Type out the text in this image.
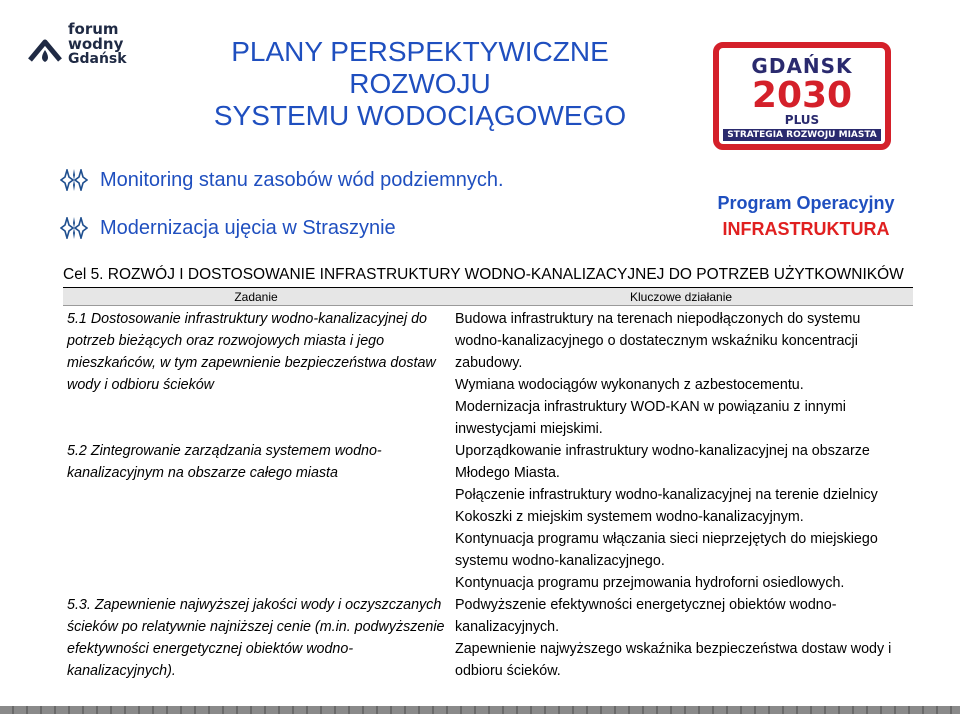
forum
wodny
Gdańsk	PLANY PERSPEKTYWICZNE
ROZWOJU
SYSTEMU WODOCIĄGOWEGO
GDAŃSK
2030
PLUS
STRATEGIA ROZWOJU MIASTA
Monitoring stanu zasobów wód podziemnych.
Modernizacja ujęcia w Straszynie
Program Operacyjny
INFRASTRUKTURA
Cel 5. ROZWÓJ I DOSTOSOWANIE INFRASTRUKTURY WODNO-KANALIZACYJNEJ DO POTRZEB UŻYTKOWNIKÓW
Zadanie	Kluczowe działanie
5.1 Dostosowanie infrastruktury wodno-kanalizacyjnej do potrzeb bieżących oraz rozwojowych miasta i jego mieszkańców, w tym zapewnienie bezpieczeństwa dostaw wody i odbioru ścieków
5.2 Zintegrowanie zarządzania systemem wodno-kanalizacyjnym na obszarze całego miasta
5.3. Zapewnienie najwyższej jakości wody i oczyszczanych ścieków po relatywnie najniższej cenie (m.in. podwyższenie efektywności energetycznej obiektów wodno-kanalizacyjnych).

Budowa infrastruktury na terenach niepodłączonych do systemu wodno-kanalizacyjnego o dostatecznym wskaźniku koncentracji zabudowy.

Wymiana wodociągów wykonanych z azbestocementu.

Modernizacja infrastruktury WOD-KAN w powiązaniu z innymi inwestycjami miejskimi.

Uporządkowanie infrastruktury wodno-kanalizacyjnej na obszarze Młodego Miasta.

Połączenie infrastruktury wodno-kanalizacyjnej na terenie dzielnicy Kokoszki z miejskim systemem wodno-kanalizacyjnym.

Kontynuacja programu włączania sieci nieprzejętych do miejskiego systemu wodno-kanalizacyjnego.

Kontynuacja programu przejmowania hydroforni osiedlowych.

Podwyższenie efektywności energetycznej obiektów wodno-kanalizacyjnych.

Zapewnienie najwyższego wskaźnika bezpieczeństwa dostaw wody i odbioru ścieków.
